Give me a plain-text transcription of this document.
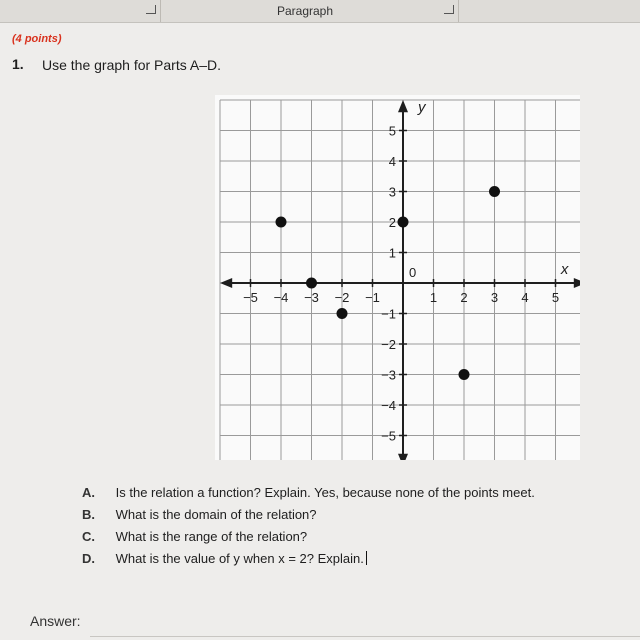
Paragraph
(4 points)
1. Use the graph for Parts A–D.
−5 −4 −3 −2 −1	1 2 3 4 5
1
2
3
4
5
−1
−2
−3
−4
−5
0	x
y
A. Is the relation a function? Explain. Yes, because none of the points meet.
B. What is the domain of the relation?
C. What is the range of the relation?
D. What is the value of y when x = 2? Explain.
Answer:
